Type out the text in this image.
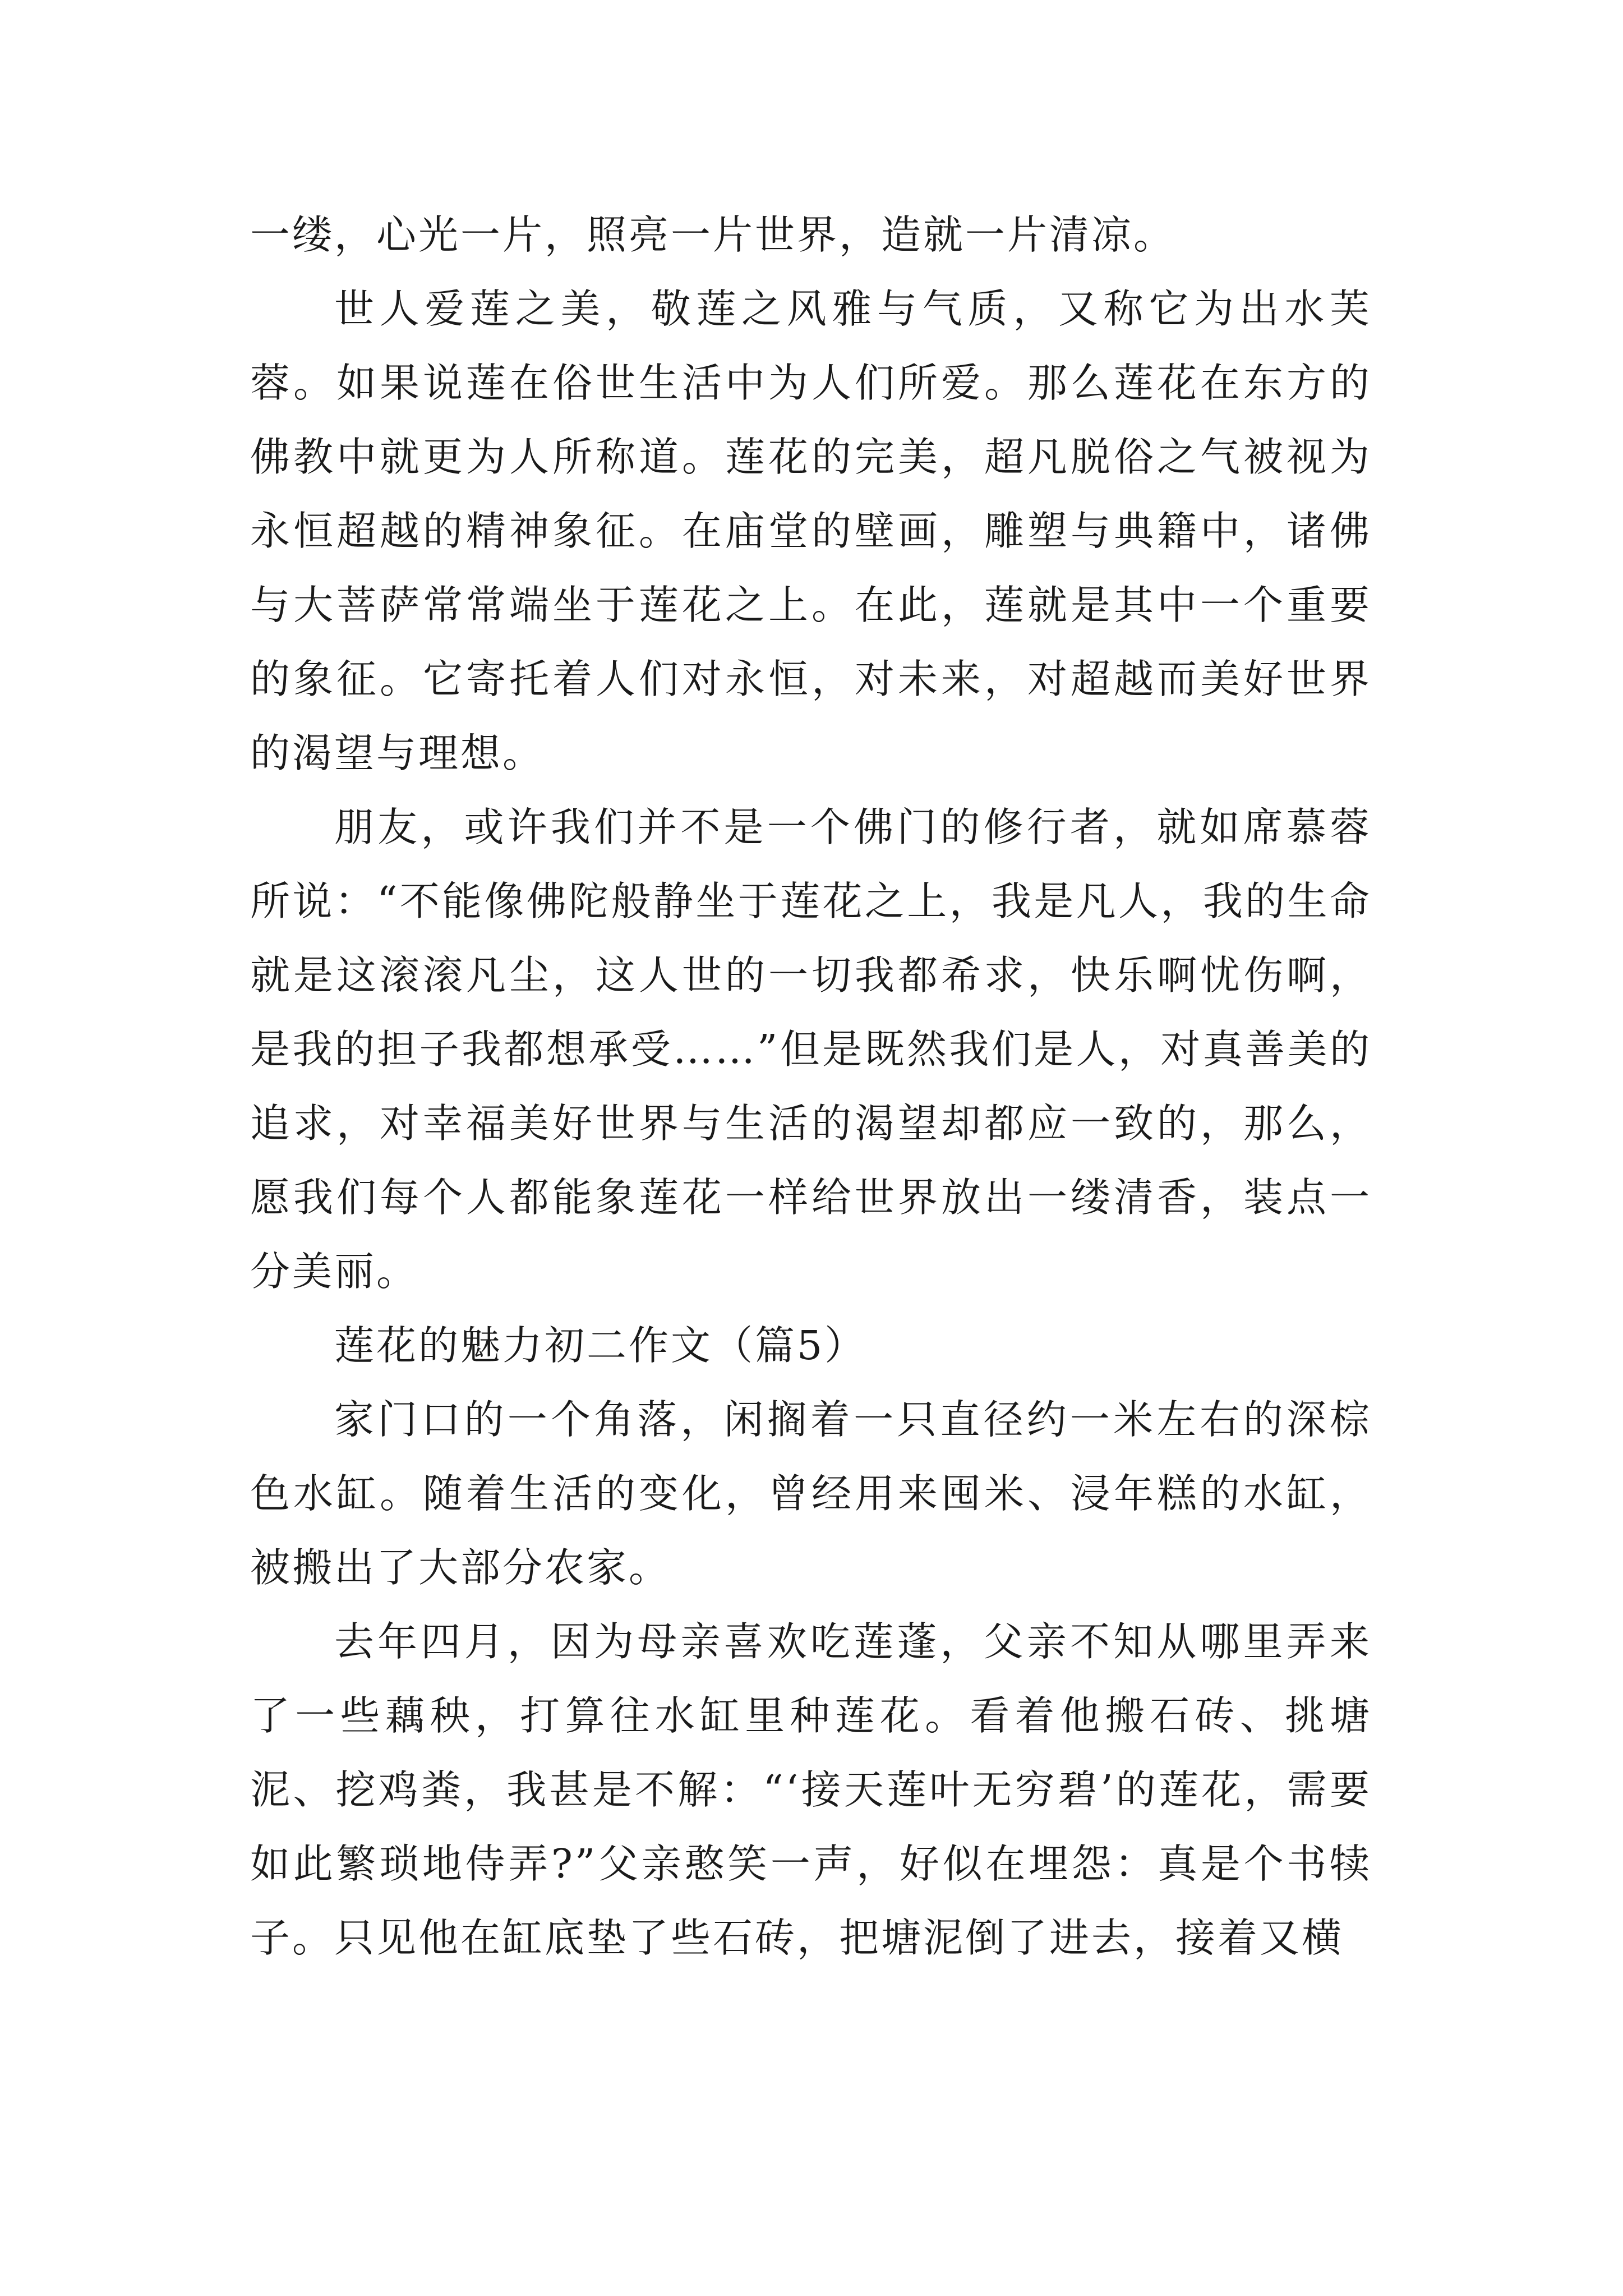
一缕，心光一片，照亮一片世界，造就一片清凉。

世人爱莲之美，敬莲之风雅与气质，又称它为出水芙蓉。如果说莲在俗世生活中为人们所爱。那么莲花在东方的佛教中就更为人所称道。莲花的完美，超凡脱俗之气被视为永恒超越的精神象征。在庙堂的壁画，雕塑与典籍中，诸佛与大菩萨常常端坐于莲花之上。在此，莲就是其中一个重要的象征。它寄托着人们对永恒，对未来，对超越而美好世界的渴望与理想。

朋友，或许我们并不是一个佛门的修行者，就如席慕蓉所说：“不能像佛陀般静坐于莲花之上，我是凡人，我的生命就是这滚滚凡尘，这人世的一切我都希求，快乐啊忧伤啊，是我的担子我都想承受……”但是既然我们是人，对真善美的追求，对幸福美好世界与生活的渴望却都应一致的，那么，愿我们每个人都能象莲花一样给世界放出一缕清香，装点一分美丽。

莲花的魅力初二作文（篇5）

家门口的一个角落，闲搁着一只直径约一米左右的深棕色水缸。随着生活的变化，曾经用来囤米、浸年糕的水缸，被搬出了大部分农家。

去年四月，因为母亲喜欢吃莲蓬，父亲不知从哪里弄来了一些藕秧，打算往水缸里种莲花。看着他搬石砖、挑塘泥、挖鸡粪，我甚是不解：“‘接天莲叶无穷碧’的莲花，需要如此繁琐地侍弄?”父亲憨笑一声，好似在埋怨：真是个书犊子。只见他在缸底垫了些石砖，把塘泥倒了进去，接着又横
